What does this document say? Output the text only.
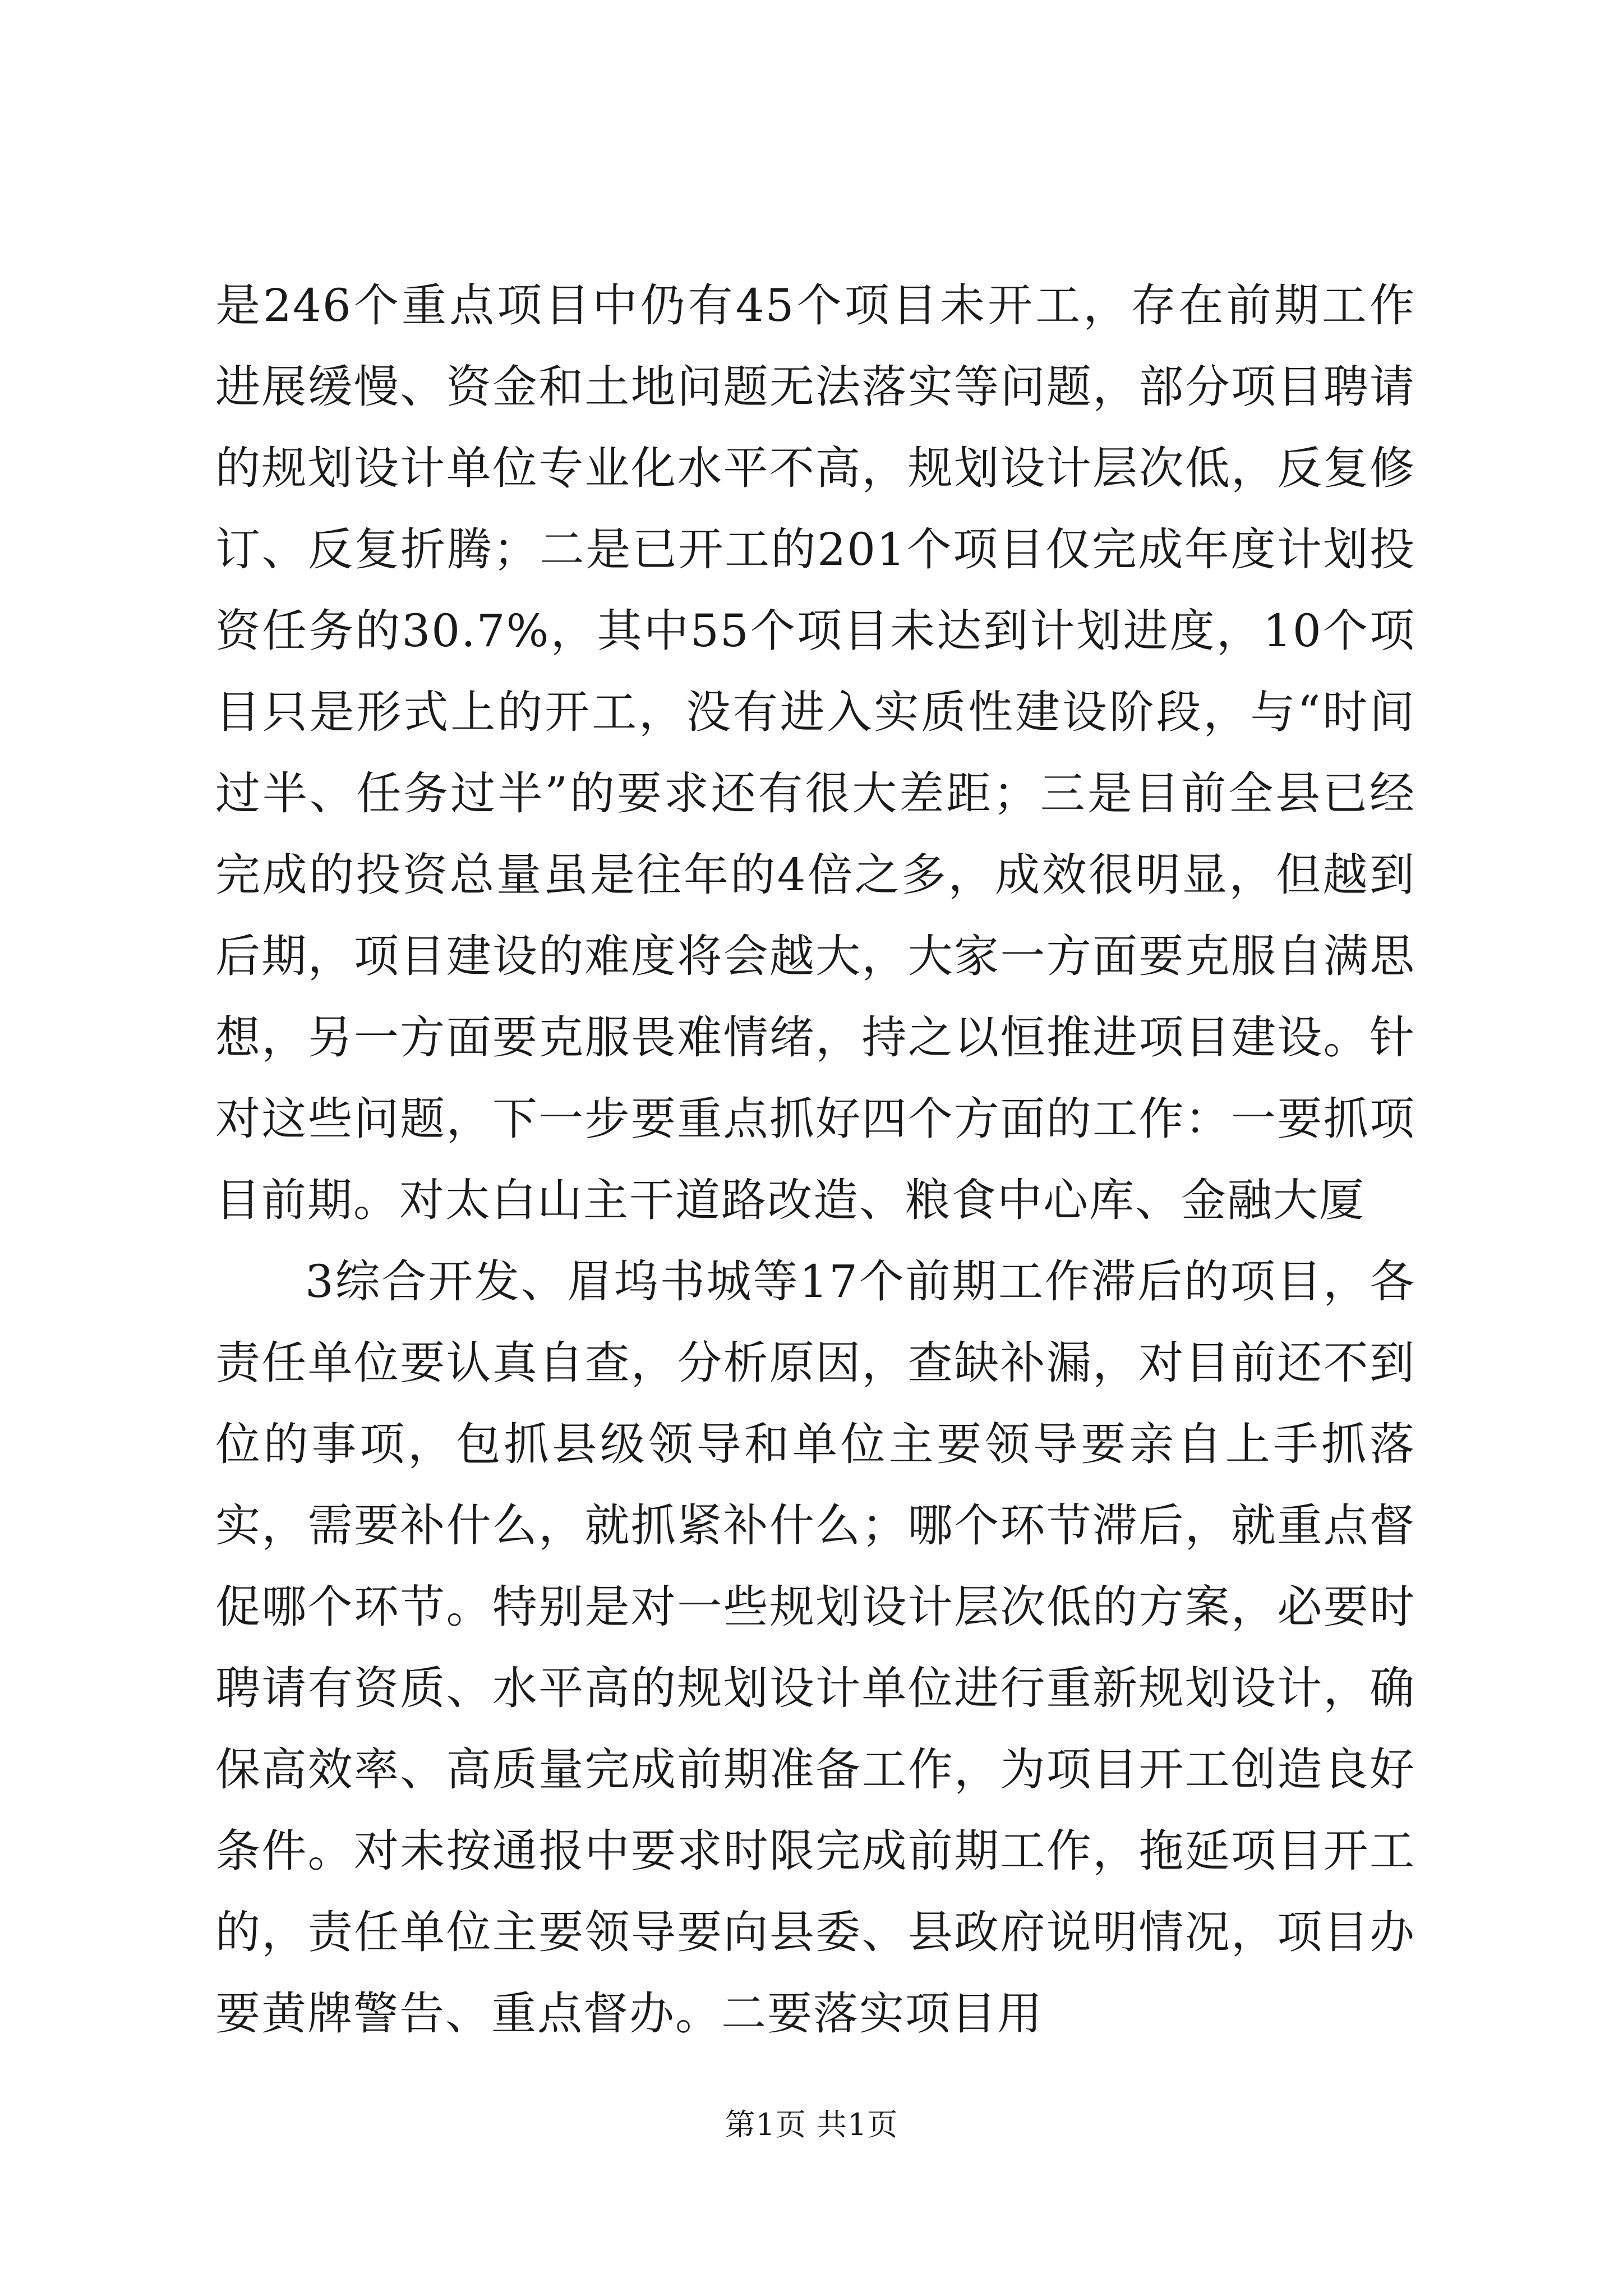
是246个重点项目中仍有45个项目未开工，存在前期工作进展缓慢、资金和土地问题无法落实等问题，部分项目聘请的规划设计单位专业化水平不高，规划设计层次低，反复修订、反复折腾；二是已开工的201个项目仅完成年度计划投资任务的30.7%，其中55个项目未达到计划进度，10个项目只是形式上的开工，没有进入实质性建设阶段，与“时间过半、任务过半”的要求还有很大差距；三是目前全县已经完成的投资总量虽是往年的4倍之多，成效很明显，但越到后期，项目建设的难度将会越大，大家一方面要克服自满思想，另一方面要克服畏难情绪，持之以恒推进项目建设。针对这些问题，下一步要重点抓好四个方面的工作：一要抓项目前期。对太白山主干道路改造、粮食中心库、金融大厦

3综合开发、眉坞书城等17个前期工作滞后的项目，各责任单位要认真自查，分析原因，查缺补漏，对目前还不到位的事项，包抓县级领导和单位主要领导要亲自上手抓落实，需要补什么，就抓紧补什么；哪个环节滞后，就重点督促哪个环节。特别是对一些规划设计层次低的方案，必要时聘请有资质、水平高的规划设计单位进行重新规划设计，确保高效率、高质量完成前期准备工作，为项目开工创造良好条件。对未按通报中要求时限完成前期工作，拖延项目开工的，责任单位主要领导要向县委、县政府说明情况，项目办要黄牌警告、重点督办。二要落实项目用

第1页 共1页
